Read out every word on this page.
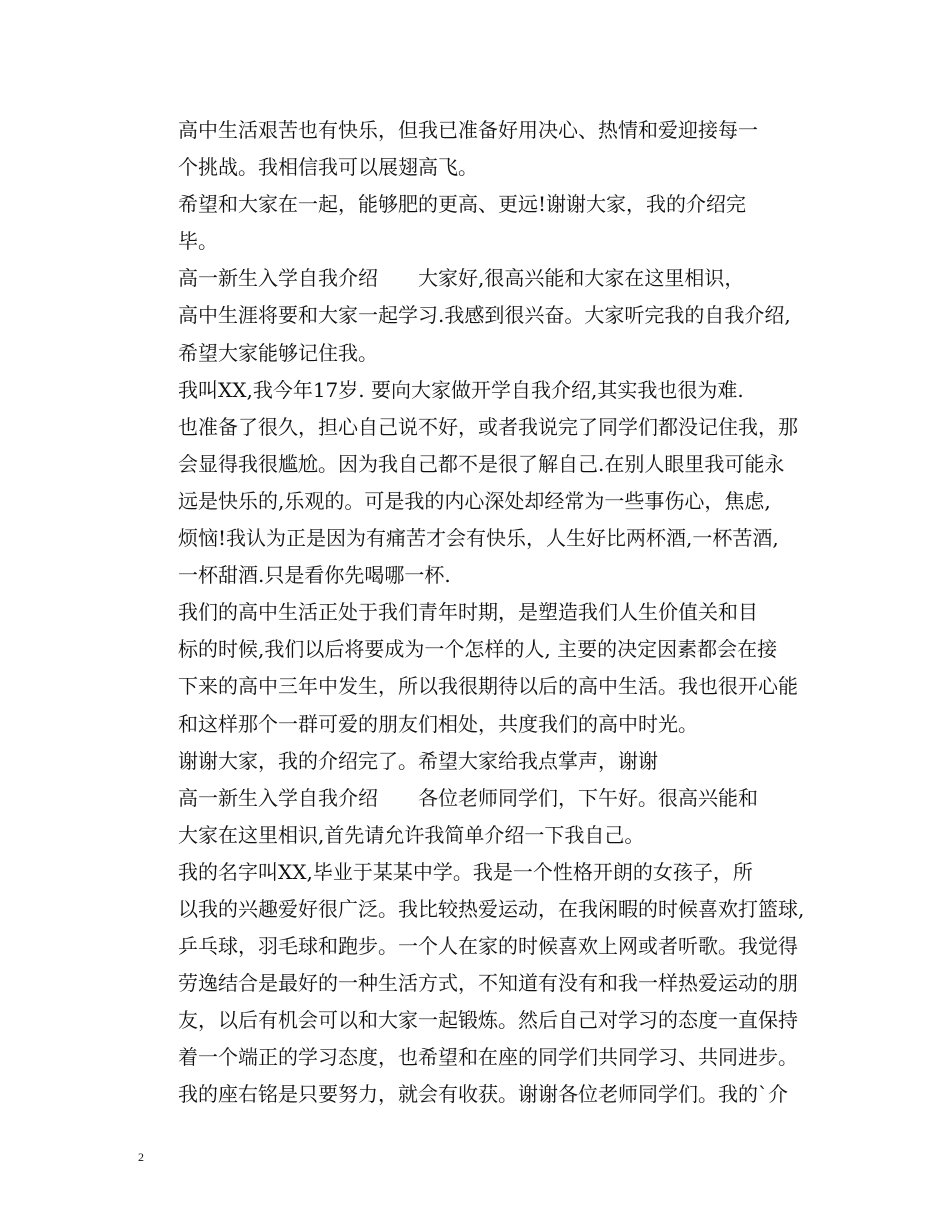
高中生活艰苦也有快乐，但我已准备好用决心、热情和爱迎接每一
个挑战。我相信我可以展翅高飞。

希望和大家在一起，能够肥的更高、更远!谢谢大家，我的介绍完
毕。

高一新生入学自我介绍　　大家好,很高兴能和大家在这里相识，
高中生涯将要和大家一起学习.我感到很兴奋。大家听完我的自我介绍,
希望大家能够记住我。

我叫XX,我今年17岁. 要向大家做开学自我介绍,其实我也很为难.
也准备了很久，担心自己说不好，或者我说完了同学们都没记住我，那
会显得我很尴尬。因为我自己都不是很了解自己.在别人眼里我可能永
远是快乐的,乐观的。可是我的内心深处却经常为一些事伤心，焦虑,
烦恼!我认为正是因为有痛苦才会有快乐，人生好比两杯酒,一杯苦酒,
一杯甜酒.只是看你先喝哪一杯.

我们的高中生活正处于我们青年时期，是塑造我们人生价值关和目
标的时候,我们以后将要成为一个怎样的人, 主要的决定因素都会在接
下来的高中三年中发生，所以我很期待以后的高中生活。我也很开心能
和这样那个一群可爱的朋友们相处，共度我们的高中时光。

谢谢大家，我的介绍完了。希望大家给我点掌声，谢谢

高一新生入学自我介绍　　各位老师同学们，下午好。很高兴能和
大家在这里相识,首先请允许我简单介绍一下我自己。

我的名字叫XX,毕业于某某中学。我是一个性格开朗的女孩子，所
以我的兴趣爱好很广泛。我比较热爱运动，在我闲暇的时候喜欢打篮球,
乒乓球，羽毛球和跑步。一个人在家的时候喜欢上网或者听歌。我觉得
劳逸结合是最好的一种生活方式，不知道有没有和我一样热爱运动的朋
友，以后有机会可以和大家一起锻炼。然后自己对学习的态度一直保持
着一个端正的学习态度，也希望和在座的同学们共同学习、共同进步。
我的座右铭是只要努力，就会有收获。谢谢各位老师同学们。我的`介

2
